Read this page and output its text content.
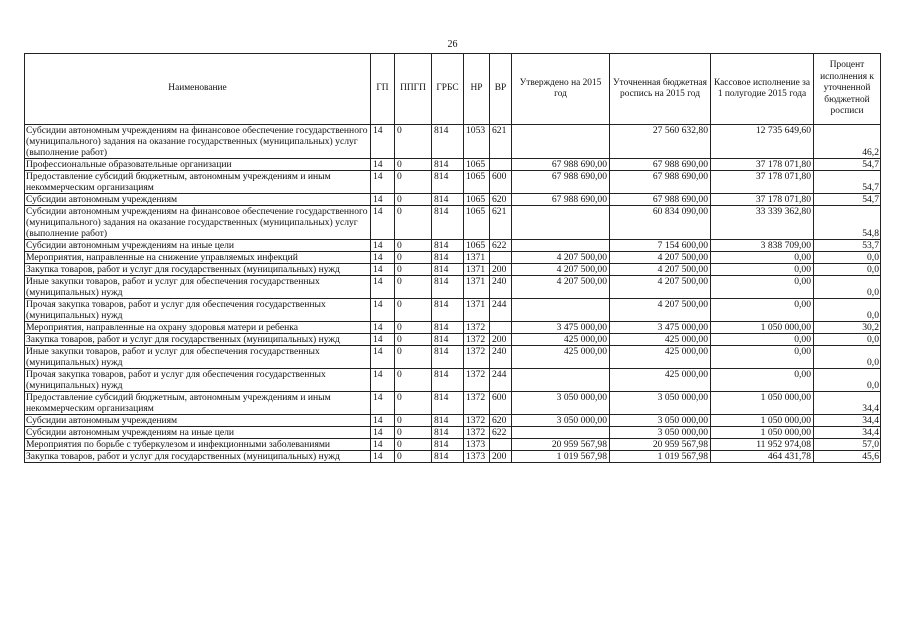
26
Наименование	ГП	ППГП	ГРБС	НР	ВР	Утверждено на 2015 год	Уточненная бюджетная роспись на 2015 год	Кассовое исполнение за 1 полугодие 2015 года	Процент исполнения к уточненной бюджетной росписи
Субсидии автономным учреждениям на финансовое обеспечение государственного (муниципального) задания на оказание государственных (муниципальных) услуг (выполнение работ)	14	0	814	1053	621		27 560 632,80	12 735 649,60	46,2
Профессиональные образовательные организации	14	0	814	1065		67 988 690,00	67 988 690,00	37 178 071,80	54,7
Предоставление субсидий бюджетным, автономным учреждениям и иным некоммерческим организациям	14	0	814	1065	600	67 988 690,00	67 988 690,00	37 178 071,80	54,7
Субсидии автономным учреждениям	14	0	814	1065	620	67 988 690,00	67 988 690,00	37 178 071,80	54,7
Субсидии автономным учреждениям на финансовое обеспечение государственного (муниципального) задания на оказание государственных (муниципальных) услуг (выполнение работ)	14	0	814	1065	621		60 834 090,00	33 339 362,80	54,8
Субсидии автономным учреждениям на иные цели	14	0	814	1065	622		7 154 600,00	3 838 709,00	53,7
Мероприятия, направленные на снижение управляемых инфекций	14	0	814	1371		4 207 500,00	4 207 500,00	0,00	0,0
Закупка товаров, работ и услуг для государственных (муниципальных) нужд	14	0	814	1371	200	4 207 500,00	4 207 500,00	0,00	0,0
Иные закупки товаров, работ и услуг для обеспечения государственных (муниципальных) нужд	14	0	814	1371	240	4 207 500,00	4 207 500,00	0,00	0,0
Прочая закупка товаров, работ и услуг для обеспечения государственных (муниципальных) нужд	14	0	814	1371	244		4 207 500,00	0,00	0,0
Мероприятия, направленные на охрану здоровья матери и ребенка	14	0	814	1372		3 475 000,00	3 475 000,00	1 050 000,00	30,2
Закупка товаров, работ и услуг для государственных (муниципальных) нужд	14	0	814	1372	200	425 000,00	425 000,00	0,00	0,0
Иные закупки товаров, работ и услуг для обеспечения государственных (муниципальных) нужд	14	0	814	1372	240	425 000,00	425 000,00	0,00	0,0
Прочая закупка товаров, работ и услуг для обеспечения государственных (муниципальных) нужд	14	0	814	1372	244		425 000,00	0,00	0,0
Предоставление субсидий бюджетным, автономным учреждениям и иным некоммерческим организациям	14	0	814	1372	600	3 050 000,00	3 050 000,00	1 050 000,00	34,4
Субсидии автономным учреждениям	14	0	814	1372	620	3 050 000,00	3 050 000,00	1 050 000,00	34,4
Субсидии автономным учреждениям на иные цели	14	0	814	1372	622		3 050 000,00	1 050 000,00	34,4
Мероприятия по борьбе с туберкулезом и инфекционными заболеваниями	14	0	814	1373		20 959 567,98	20 959 567,98	11 952 974,08	57,0
Закупка товаров, работ и услуг для государственных (муниципальных) нужд	14	0	814	1373	200	1 019 567,98	1 019 567,98	464 431,78	45,6
